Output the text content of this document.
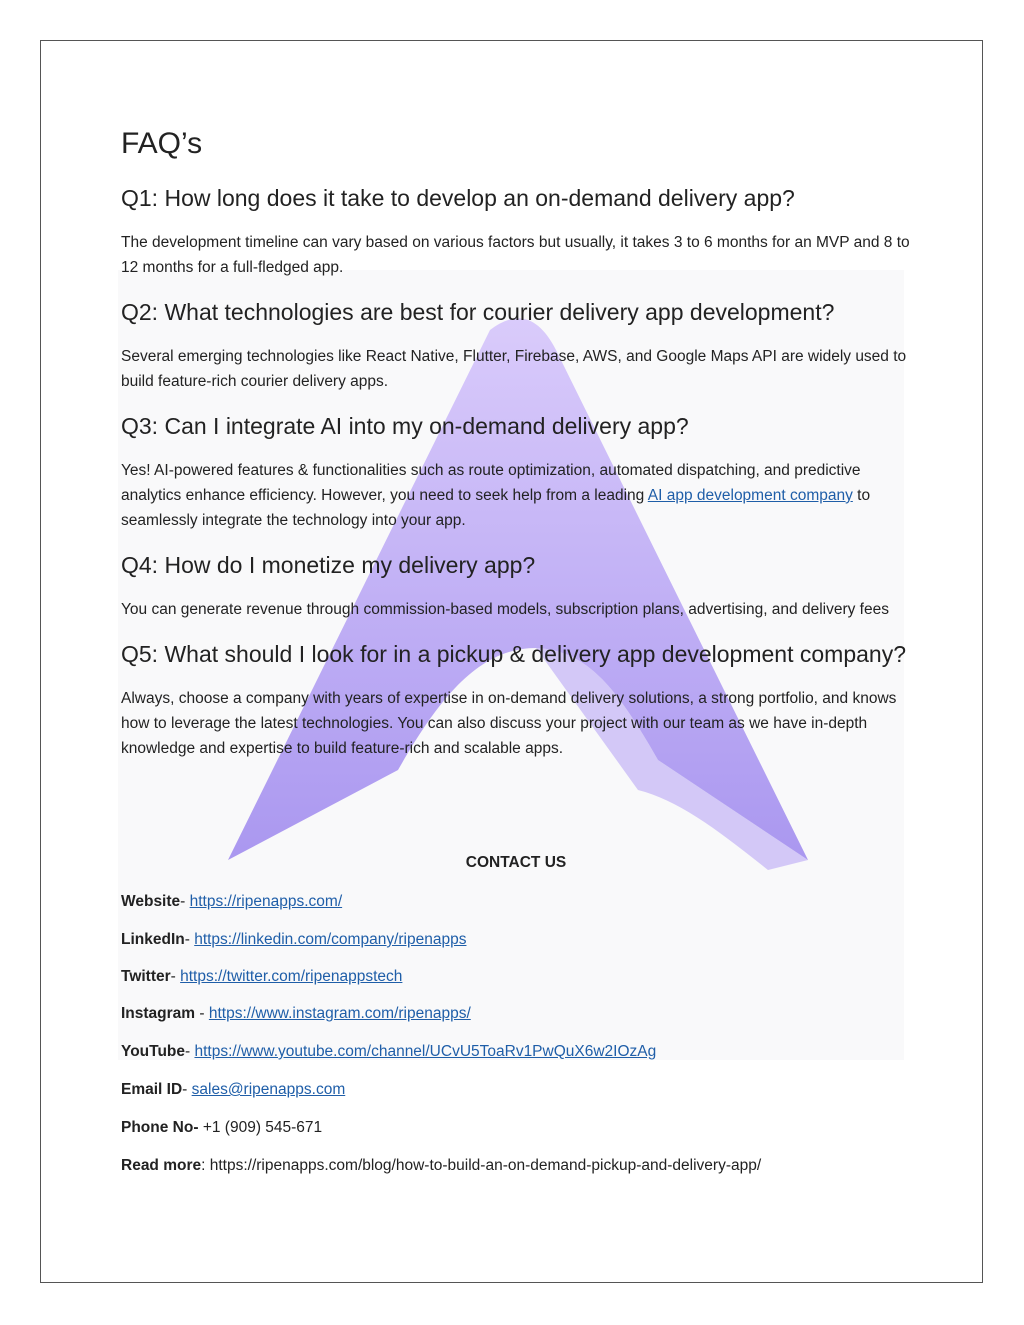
FAQ’s
Q1: How long does it take to develop an on-demand delivery app?

The development timeline can vary based on various factors but usually, it takes 3 to 6 months for an MVP and 8 to 12 months for a full-fledged app.

Q2: What technologies are best for courier delivery app development?

Several emerging technologies like React Native, Flutter, Firebase, AWS, and Google Maps API are widely used to build feature-rich courier delivery apps.

Q3: Can I integrate AI into my on-demand delivery app?

Yes! AI-powered features & functionalities such as route optimization, automated dispatching, and predictive analytics enhance efficiency. However, you need to seek help from a leading AI app development company to seamlessly integrate the technology into your app.

Q4: How do I monetize my delivery app?

You can generate revenue through commission-based models, subscription plans, advertising, and delivery fees

Q5: What should I look for in a pickup & delivery app development company?

Always, choose a company with years of expertise in on-demand delivery solutions, a strong portfolio, and knows how to leverage the latest technologies. You can also discuss your project with our team as we have in-depth knowledge and expertise to build feature-rich and scalable apps.

CONTACT US
Website- https://ripenapps.com/
LinkedIn- https://linkedin.com/company/ripenapps
Twitter- https://twitter.com/ripenappstech
Instagram - https://www.instagram.com/ripenapps/
YouTube- https://www.youtube.com/channel/UCvU5ToaRv1PwQuX6w2IOzAg
Email ID- sales@ripenapps.com
Phone No- +1 (909) 545-671
Read more: https://ripenapps.com/blog/how-to-build-an-on-demand-pickup-and-delivery-app/
